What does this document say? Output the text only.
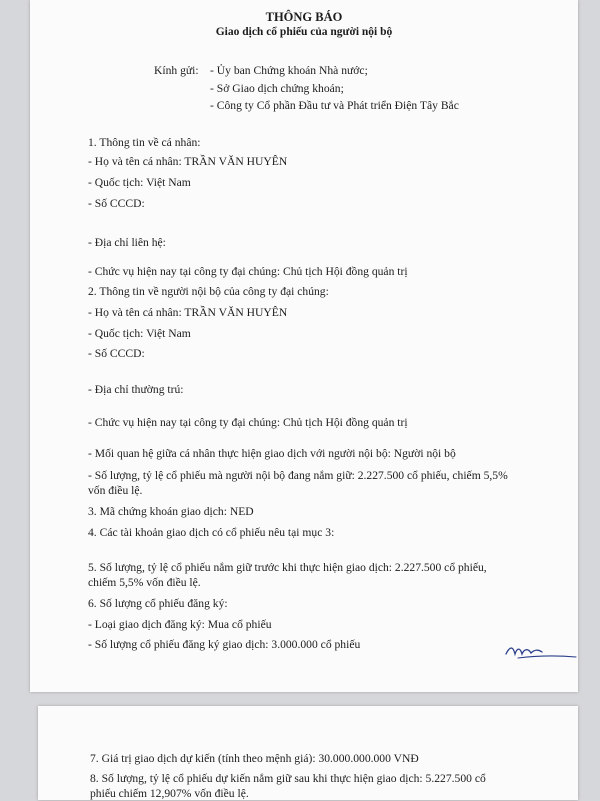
THÔNG BÁO
Giao dịch cổ phiếu của người nội bộ
Kính gửi: - Ủy ban Chứng khoán Nhà nước;
- Sở Giao dịch chứng khoán;
- Công ty Cổ phần Đầu tư và Phát triển Điện Tây Bắc
1. Thông tin về cá nhân:
- Họ và tên cá nhân: TRẦN VĂN HUYÊN
- Quốc tịch: Việt Nam
- Số CCCD:
- Địa chỉ liên hệ:
- Chức vụ hiện nay tại công ty đại chúng: Chủ tịch Hội đồng quản trị
2. Thông tin về người nội bộ của công ty đại chúng:
- Họ và tên cá nhân: TRẦN VĂN HUYÊN
- Quốc tịch: Việt Nam
- Số CCCD:
- Địa chỉ thường trú:
- Chức vụ hiện nay tại công ty đại chúng: Chủ tịch Hội đồng quản trị
- Mối quan hệ giữa cá nhân thực hiện giao dịch với người nội bộ: Người nội bộ
- Số lượng, tỷ lệ cổ phiếu mà người nội bộ đang nắm giữ: 2.227.500 cổ phiếu, chiếm 5,5%
vốn điều lệ.
3. Mã chứng khoán giao dịch: NED
4. Các tài khoản giao dịch có cổ phiếu nêu tại mục 3:
5. Số lượng, tỷ lệ cổ phiếu nắm giữ trước khi thực hiện giao dịch: 2.227.500 cổ phiếu,
chiếm 5,5% vốn điều lệ.
6. Số lượng cổ phiếu đăng ký:
- Loại giao dịch đăng ký: Mua cổ phiếu
- Số lượng cổ phiếu đăng ký giao dịch: 3.000.000 cổ phiếu
7. Giá trị giao dịch dự kiến (tính theo mệnh giá): 30.000.000.000 VNĐ
8. Số lượng, tỷ lệ cổ phiếu dự kiến nắm giữ sau khi thực hiện giao dịch: 5.227.500 cổ
phiếu chiếm 12,907% vốn điều lệ.
